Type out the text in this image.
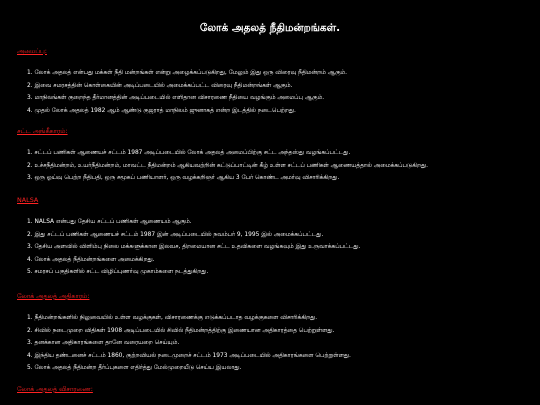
லோக் அதலத் நீதிமன்றங்கள்.
அமைப்பு:
1. லோக் அதலத் என்பது மக்கள் நீதி மன்றங்கள் என்று அழைக்கப்படுகிறது, மேலும் இது ஒரு விரைவு நீதிமன்றம் ஆகும்.
2. இவை சமரசத்தின் கொள்கையின் அடிப்படையில் அமைக்கப்பட்ட விரைவு நீதிமன்றங்கள் ஆகும்.
3. மாநிலங்கள் குறைந்த தீர்மானத்தின் அடிப்படையில் எளிதான விசாரணை நீதியை வழங்கும் அமைப்பு ஆகும்.
4. முதல் லோக் அதலத் 1982 ஆம் ஆண்டு குஜராத் மாநிலம் ஜுனாகத் என்ற இடத்தில் நடைபெற்றது.
சட்ட அங்கீகாரம்:
1. சட்டப் பணிகள் ஆணையச் சட்டம் 1987 அடிப்படையில் லோக் அதலத் அமைப்பிற்கு சட்ட அந்தஸ்து வழங்கப்பட்டது.
2. உச்சநீதிமன்றம், உயர்நீதிமன்றம், மாவட்ட நீதிமன்றம் ஆகியவற்றின் கட்டுப்பாட்டின் கீழ் உள்ள சட்டப் பணிகள் ஆணையத்தால் அமைக்கப்படுகிறது.
3. ஒரு ஓய்வு பெற்ற நீதிபதி, ஒரு சமூகப் பணியாளர், ஒரு வழக்கறிஞர் ஆகிய 3 பேர் கொண்ட அமர்வு விசாரிக்கிறது.
NALSA
1. NALSA என்பது தேசிய சட்டப் பணிகள் ஆணையம் ஆகும்.
2. இது சட்டப் பணிகள் ஆணையச் சட்டம் 1987 இன் அடிப்படையில் நவம்பர் 9, 1995 இல் அமைக்கப்பட்டது.
3. தேசிய அளவில் விளிம்பு நிலை மக்களுக்கான இலவச, திறமையான சட்ட உதவிகளை வழங்கவும் இது உருவாக்கப்பட்டது.
4. லோக் அதலத் நீதிமன்றங்களை அமைக்கிறது.
5. சமரசப் பகுதிகளில் சட்ட விழிப்புணர்வு முகாம்களை நடத்துகிறது.
லோக் அதலத் அதிகாரம்:
1. நீதிமன்றங்களில் நிலுவையில் உள்ள வழக்குகள், விசாரணைக்கு எடுக்கப்படாத வழக்குகளை விசாரிக்கிறது.
2. சிவில் நடைமுறை விதிகள் 1908 அடிப்படையில் சிவில் நீதிமன்றத்திற்கு இணையான அதிகாரத்தை பெற்றுள்ளது.
3. தனக்கான அதிகாரங்களை தானே வரையறை செய்யும்.
4. இந்திய தண்டனைச் சட்டம் 1860, குற்றவியல் நடைமுறைச் சட்டம் 1973 அடிப்படையில் அதிகாரங்களை பெற்றுள்ளது.
5. லோக் அதலத் நீதிமன்ற தீர்ப்புகளை எதிர்த்து மேல்முறையீடு செய்ய இயலாது.
லோக் அதலத் விசாரணை:
